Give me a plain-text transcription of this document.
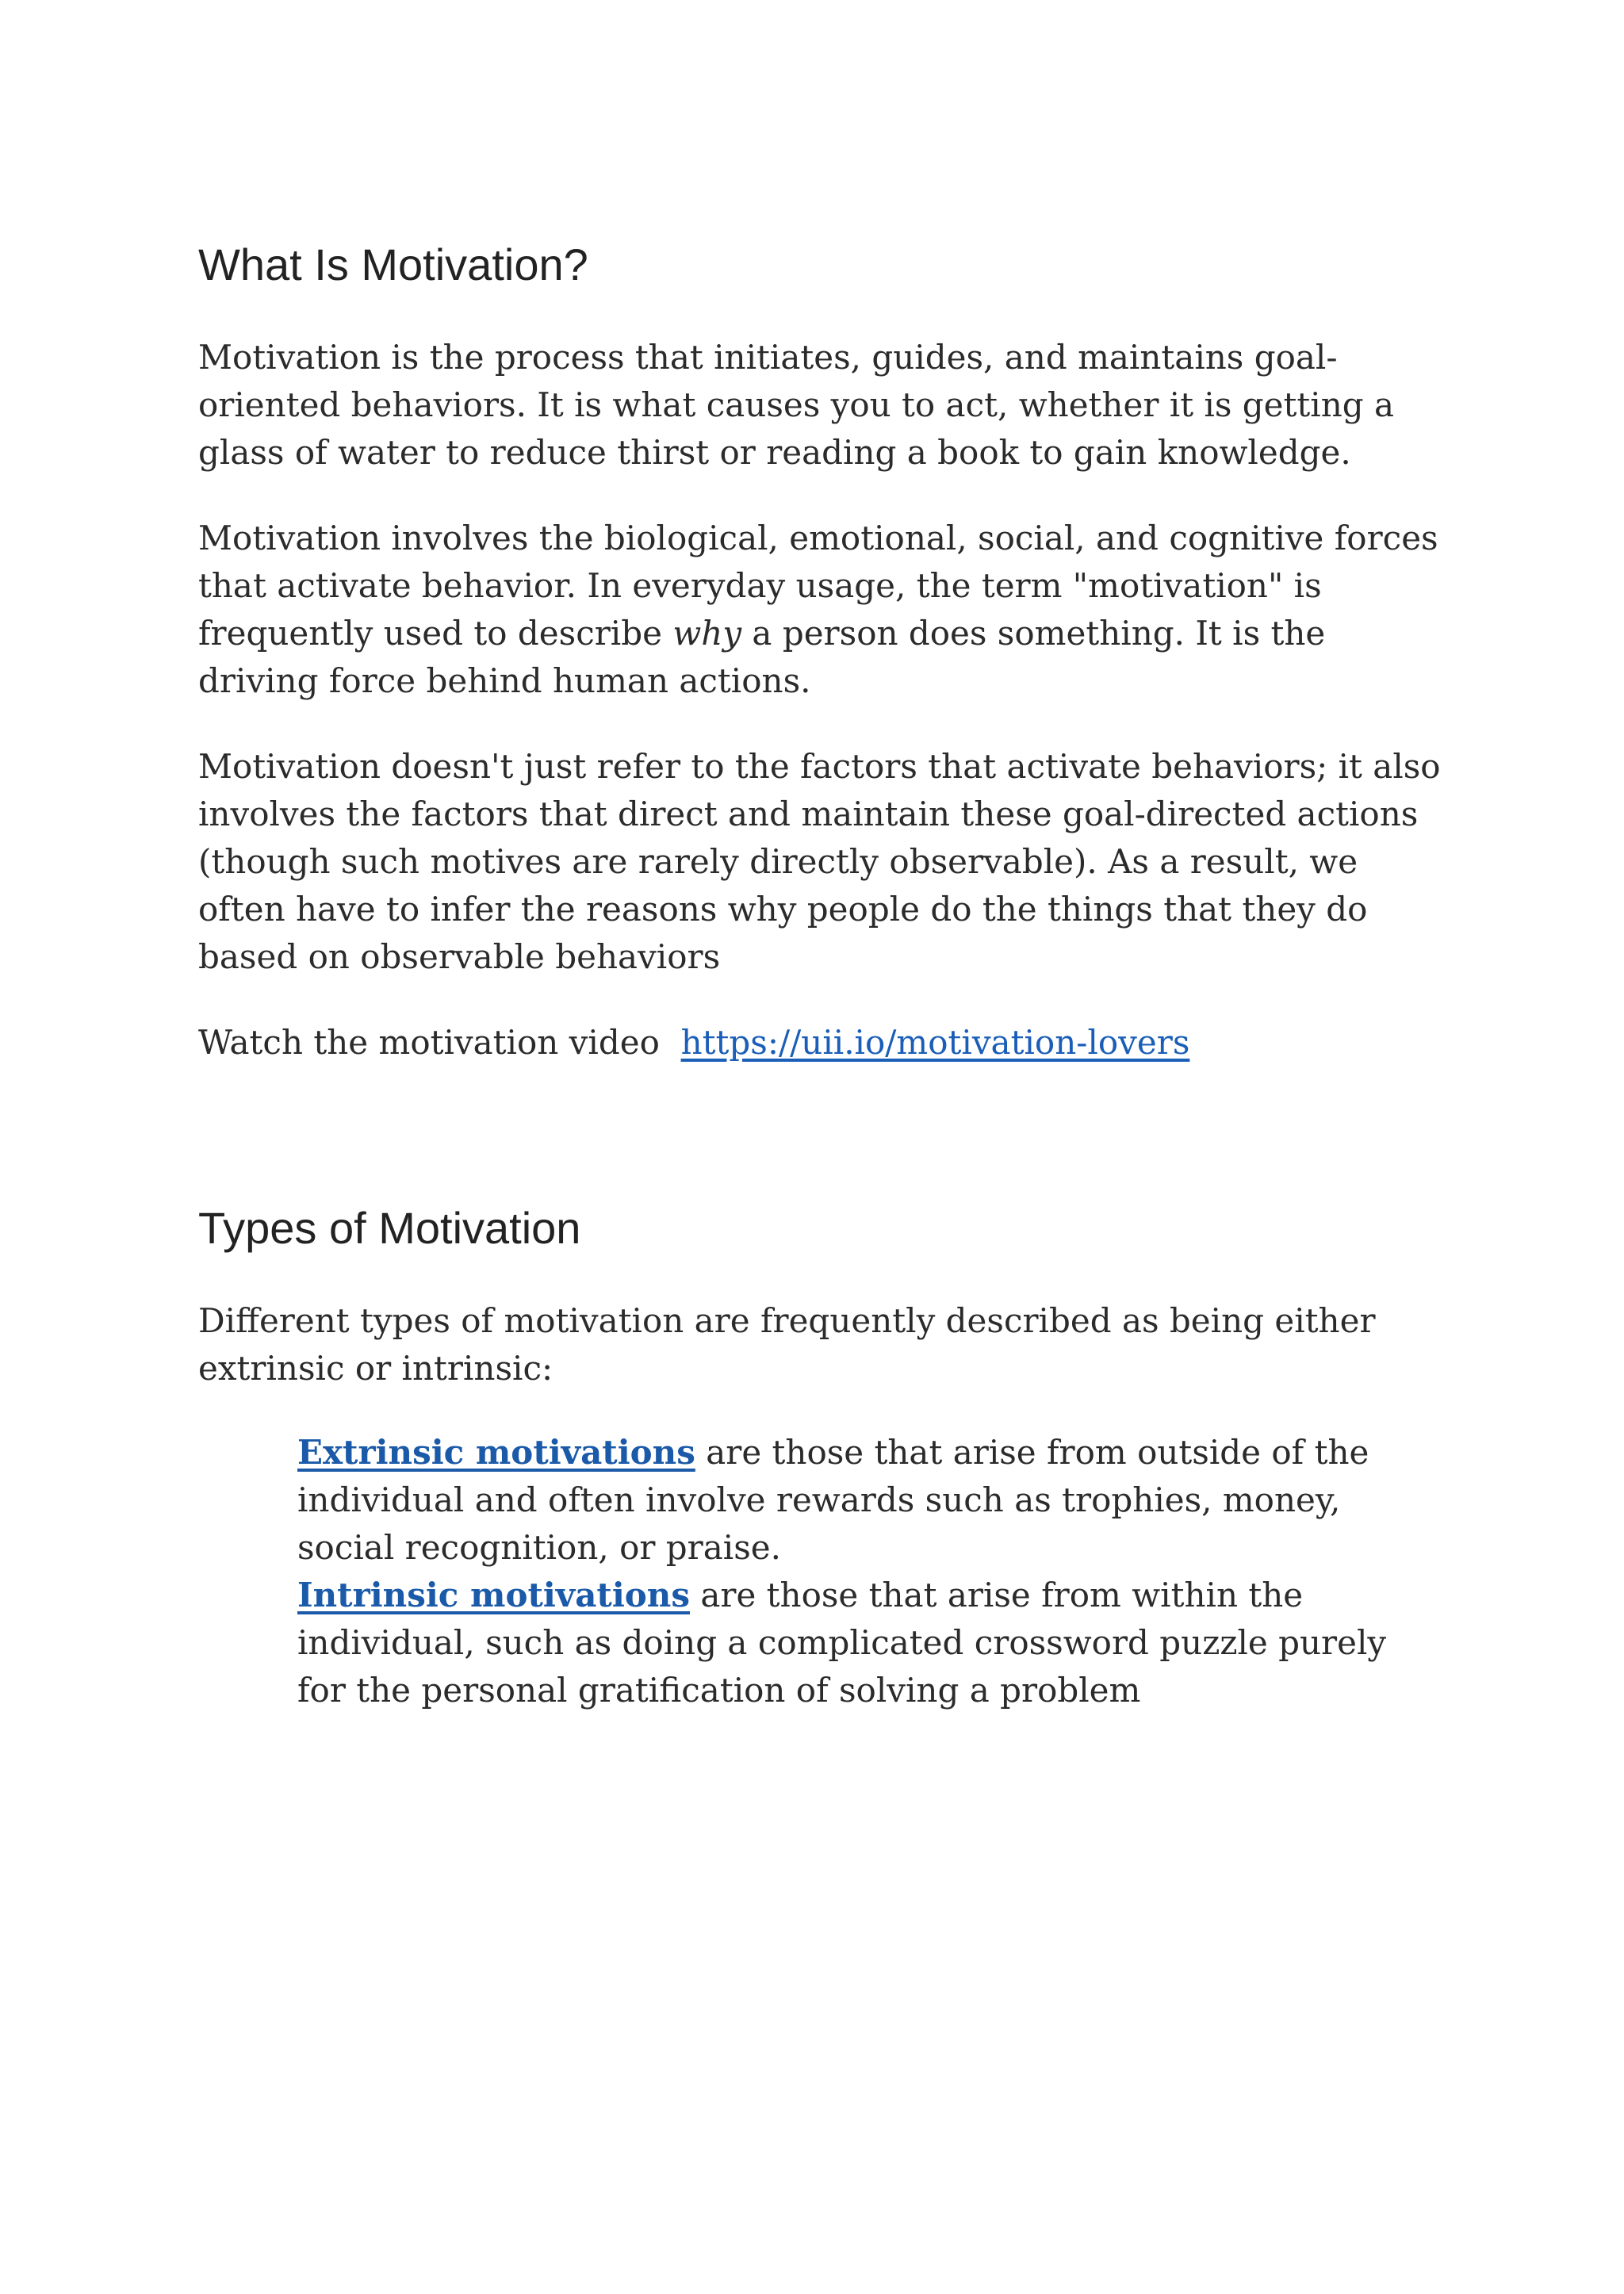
What Is Motivation?

Motivation is the process that initiates, guides, and maintains goal-oriented behaviors. It is what causes you to act, whether it is getting a glass of water to reduce thirst or reading a book to gain knowledge.

Motivation involves the biological, emotional, social, and cognitive forces that activate behavior. In everyday usage, the term "motivation" is frequently used to describe why a person does something. It is the driving force behind human actions.

Motivation doesn't just refer to the factors that activate behaviors; it also involves the factors that direct and maintain these goal-directed actions (though such motives are rarely directly observable). As a result, we often have to infer the reasons why people do the things that they do based on observable behaviors

Watch the motivation video https://uii.io/motivation-lovers

Types of Motivation

Different types of motivation are frequently described as being either extrinsic or intrinsic:

Extrinsic motivations are those that arise from outside of the individual and often involve rewards such as trophies, money, social recognition, or praise.

Intrinsic motivations are those that arise from within the individual, such as doing a complicated crossword puzzle purely for the personal gratification of solving a problem
